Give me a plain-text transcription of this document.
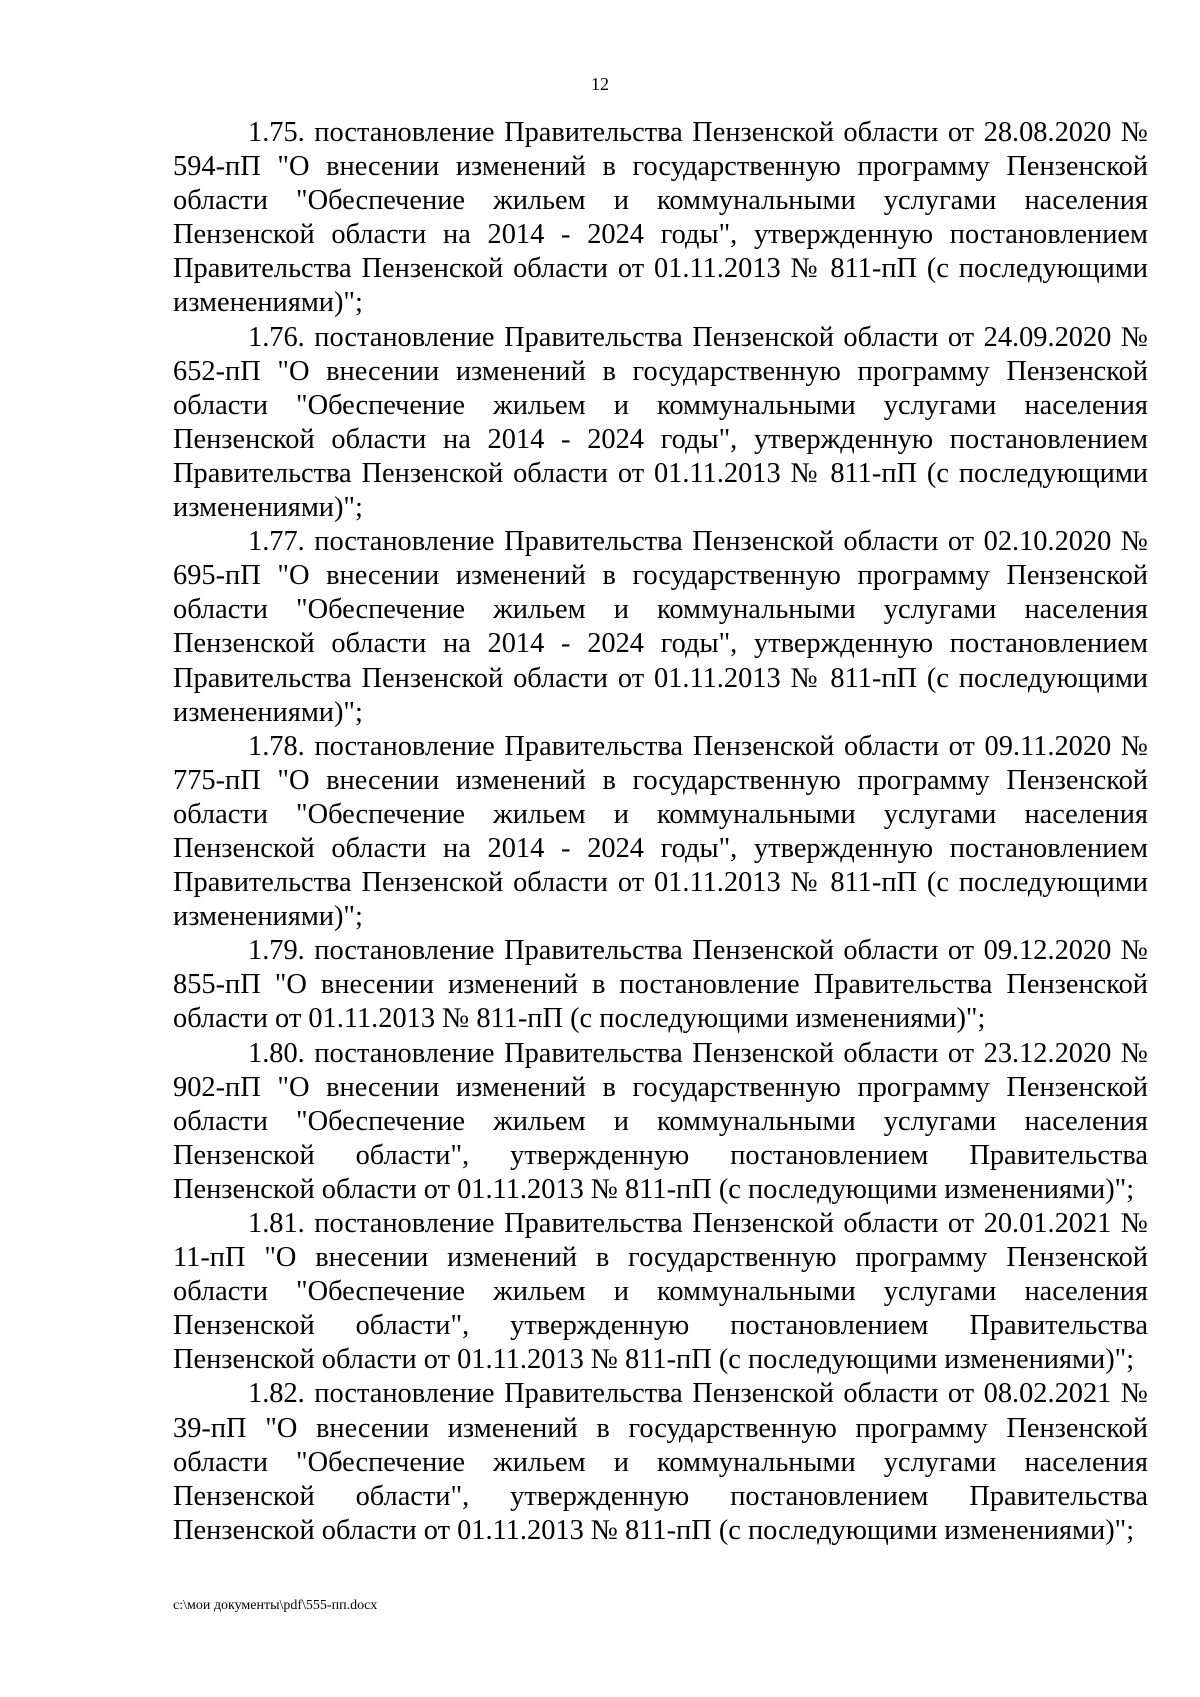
12

1.75. постановление Правительства Пензенской области от 28.08.2020 № 594-пП "О внесении изменений в государственную программу Пензенской области "Обеспечение жильем и коммунальными услугами населения Пензенской области на 2014 - 2024 годы", утвержденную постановлением Правительства Пензенской области от 01.11.2013 № 811-пП (с последующими изменениями)";

1.76. постановление Правительства Пензенской области от 24.09.2020 № 652-пП "О внесении изменений в государственную программу Пензенской области "Обеспечение жильем и коммунальными услугами населения Пензенской области на 2014 - 2024 годы", утвержденную постановлением Правительства Пензенской области от 01.11.2013 № 811-пП (с последующими изменениями)";

1.77. постановление Правительства Пензенской области от 02.10.2020 № 695-пП "О внесении изменений в государственную программу Пензенской области "Обеспечение жильем и коммунальными услугами населения Пензенской области на 2014 - 2024 годы", утвержденную постановлением Правительства Пензенской области от 01.11.2013 № 811-пП (с последующими изменениями)";

1.78. постановление Правительства Пензенской области от 09.11.2020 № 775-пП "О внесении изменений в государственную программу Пензенской области "Обеспечение жильем и коммунальными услугами населения Пензенской области на 2014 - 2024 годы", утвержденную постановлением Правительства Пензенской области от 01.11.2013 № 811-пП (с последующими изменениями)";

1.79. постановление Правительства Пензенской области от 09.12.2020 № 855-пП "О внесении изменений в постановление Правительства Пензенской области от 01.11.2013 № 811-пП (с последующими изменениями)";

1.80. постановление Правительства Пензенской области от 23.12.2020 № 902-пП "О внесении изменений в государственную программу Пензенской области "Обеспечение жильем и коммунальными услугами населения Пензенской области", утвержденную постановлением Правительства Пензенской области от 01.11.2013 № 811-пП (с последующими изменениями)";

1.81. постановление Правительства Пензенской области от 20.01.2021 № 11-пП "О внесении изменений в государственную программу Пензенской области "Обеспечение жильем и коммунальными услугами населения Пензенской области", утвержденную постановлением Правительства Пензенской области от 01.11.2013 № 811-пП (с последующими изменениями)";

1.82. постановление Правительства Пензенской области от 08.02.2021 № 39-пП "О внесении изменений в государственную программу Пензенской области "Обеспечение жильем и коммунальными услугами населения Пензенской области", утвержденную постановлением Правительства Пензенской области от 01.11.2013 № 811-пП (с последующими изменениями)";

c:\мои документы\pdf\555-пп.docx
